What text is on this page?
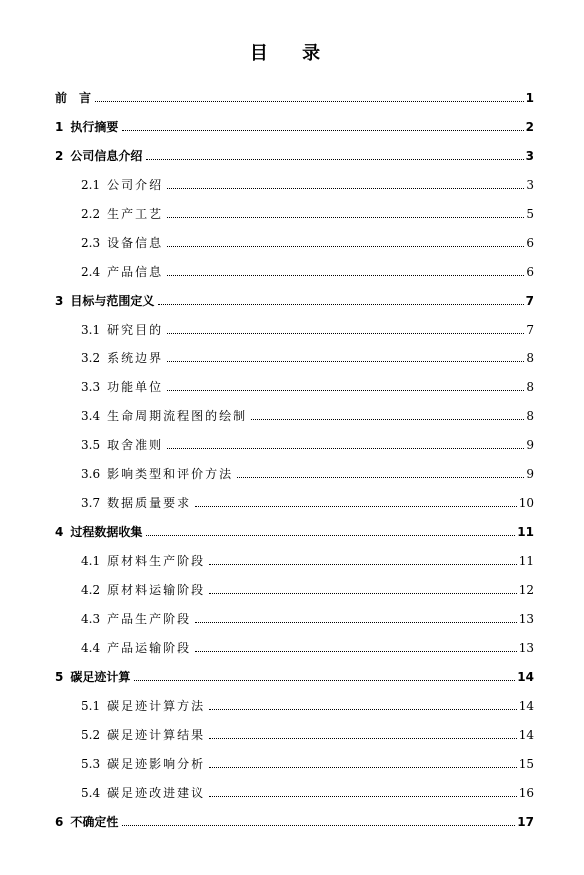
目 录
前　言	1
1 执行摘要	2
2 公司信息介绍	3
2.1 公司介绍	3
2.2 生产工艺	5
2.3 设备信息	6
2.4 产品信息	6
3 目标与范围定义	7
3.1 研究目的	7
3.2 系统边界	8
3.3 功能单位	8
3.4 生命周期流程图的绘制	8
3.5 取舍准则	9
3.6 影响类型和评价方法	9
3.7 数据质量要求	10
4 过程数据收集	11
4.1 原材料生产阶段	11
4.2 原材料运输阶段	12
4.3 产品生产阶段	13
4.4 产品运输阶段	13
5 碳足迹计算	14
5.1 碳足迹计算方法	14
5.2 碳足迹计算结果	14
5.3 碳足迹影响分析	15
5.4 碳足迹改进建议	16
6 不确定性	17
